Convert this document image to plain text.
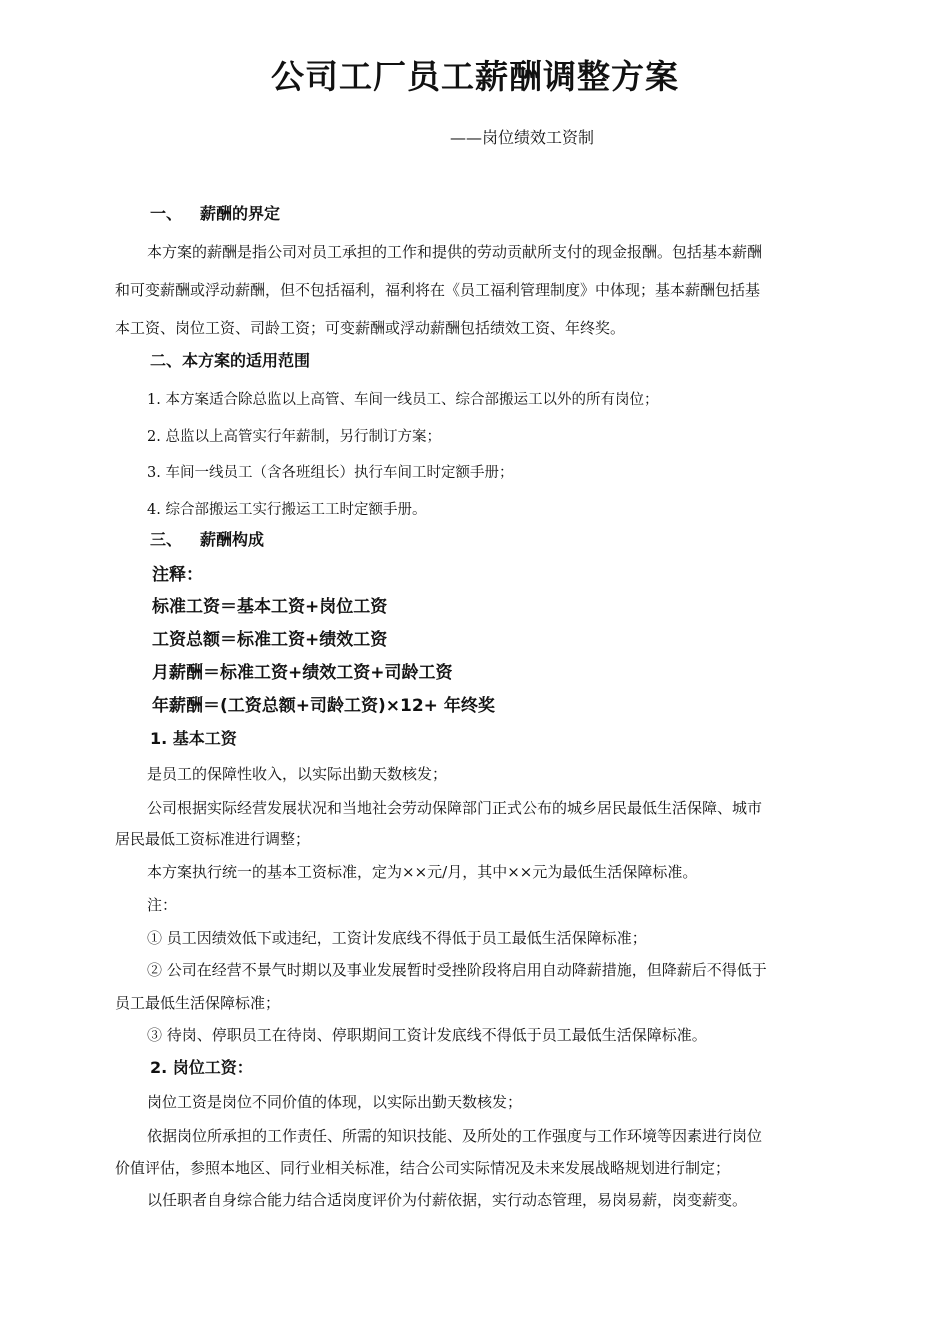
公司工厂员工薪酬调整方案
——岗位绩效工资制
一、 薪酬的界定
本方案的薪酬是指公司对员工承担的工作和提供的劳动贡献所支付的现金报酬。包括基本薪酬
和可变薪酬或浮动薪酬，但不包括福利，福利将在《员工福利管理制度》中体现；基本薪酬包括基
本工资、岗位工资、司龄工资；可变薪酬或浮动薪酬包括绩效工资、年终奖。
二、本方案的适用范围
1. 本方案适合除总监以上高管、车间一线员工、综合部搬运工以外的所有岗位；
2. 总监以上高管实行年薪制，另行制订方案；
3. 车间一线员工（含各班组长）执行车间工时定额手册；
4. 综合部搬运工实行搬运工工时定额手册。
三、 薪酬构成
注释：
标准工资＝基本工资+岗位工资
工资总额＝标准工资+绩效工资
月薪酬＝标准工资+绩效工资+司龄工资
年薪酬＝(工资总额+司龄工资)×12+ 年终奖
1. 基本工资
是员工的保障性收入，以实际出勤天数核发；
公司根据实际经营发展状况和当地社会劳动保障部门正式公布的城乡居民最低生活保障、城市
居民最低工资标准进行调整；
本方案执行统一的基本工资标准，定为××元/月，其中××元为最低生活保障标准。
注：
① 员工因绩效低下或违纪，工资计发底线不得低于员工最低生活保障标准；
② 公司在经营不景气时期以及事业发展暂时受挫阶段将启用自动降薪措施，但降薪后不得低于
员工最低生活保障标准；
③ 待岗、停职员工在待岗、停职期间工资计发底线不得低于员工最低生活保障标准。
2. 岗位工资：
岗位工资是岗位不同价值的体现，以实际出勤天数核发；
依据岗位所承担的工作责任、所需的知识技能、及所处的工作强度与工作环境等因素进行岗位
价值评估，参照本地区、同行业相关标准，结合公司实际情况及未来发展战略规划进行制定；
以任职者自身综合能力结合适岗度评价为付薪依据，实行动态管理，易岗易薪，岗变薪变。
